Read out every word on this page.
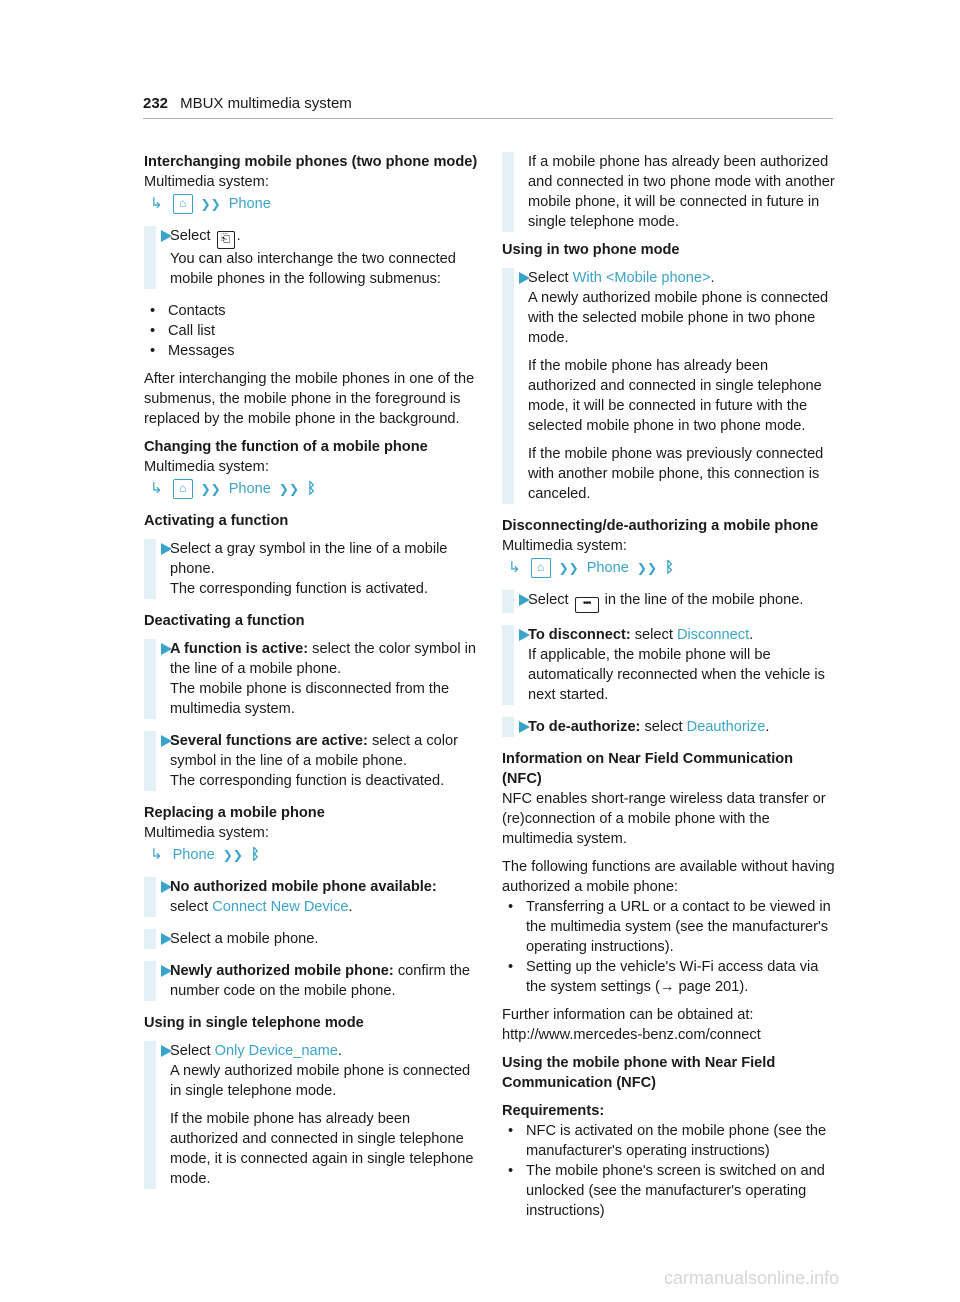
232 MBUX multimedia system

Interchanging mobile phones (two phone mode)

Multimedia system:

↳	⌂	❯❯ Phone

Select ⎗ .

You can also interchange the two connected mobile phones in the following submenus:

• Contacts
• Call list
• Messages

After interchanging the mobile phones in one of the submenus, the mobile phone in the foreground is replaced by the mobile phone in the background.

Changing the function of a mobile phone

Multimedia system:

↳	⌂	❯❯ Phone ❯❯ ᛒ

Activating a function

Select a gray symbol in the line of a mobile phone.

The corresponding function is activated.

Deactivating a function

A function is active: select the color symbol in the line of a mobile phone.

The mobile phone is disconnected from the multimedia system.

Several functions are active: select a color symbol in the line of a mobile phone.

The corresponding function is deactivated.

Replacing a mobile phone

Multimedia system:

↳ Phone ❯❯ ᛒ

No authorized mobile phone available:

select Connect New Device.

Select a mobile phone.

Newly authorized mobile phone: confirm the number code on the mobile phone.

Using in single telephone mode

Select Only Device_name.

A newly authorized mobile phone is connected in single telephone mode.

If the mobile phone has already been authorized and connected in single telephone mode, it is connected again in single telephone mode.

If a mobile phone has already been authorized and connected in two phone mode with another mobile phone, it will be connected in future in single telephone mode.

Using in two phone mode

Select With <Mobile phone>.

A newly authorized mobile phone is connected with the selected mobile phone in two phone mode.

If the mobile phone has already been authorized and connected in single telephone mode, it will be connected in future with the selected mobile phone in two phone mode.

If the mobile phone was previously connected with another mobile phone, this connection is canceled.

Disconnecting/de-authorizing a mobile phone

Multimedia system:

↳	⌂	❯❯ Phone ❯❯ ᛒ

Select ••• in the line of the mobile phone.

To disconnect: select Disconnect.

If applicable, the mobile phone will be automatically reconnected when the vehicle is next started.

To de-authorize: select Deauthorize.

Information on Near Field Communication (NFC)

NFC enables short-range wireless data transfer or (re)connection of a mobile phone with the multimedia system.

The following functions are available without having authorized a mobile phone:

• Transferring a URL or a contact to be viewed in the multimedia system (see the manufacturer's operating instructions).
• Setting up the vehicle's Wi-Fi access data via the system settings (→ page 201).

Further information can be obtained at: http://www.mercedes-benz.com/connect

Using the mobile phone with Near Field Communication (NFC)

Requirements:

• NFC is activated on the mobile phone (see the manufacturer's operating instructions)
• The mobile phone's screen is switched on and unlocked (see the manufacturer's operating instructions)
carmanualsonline.info
